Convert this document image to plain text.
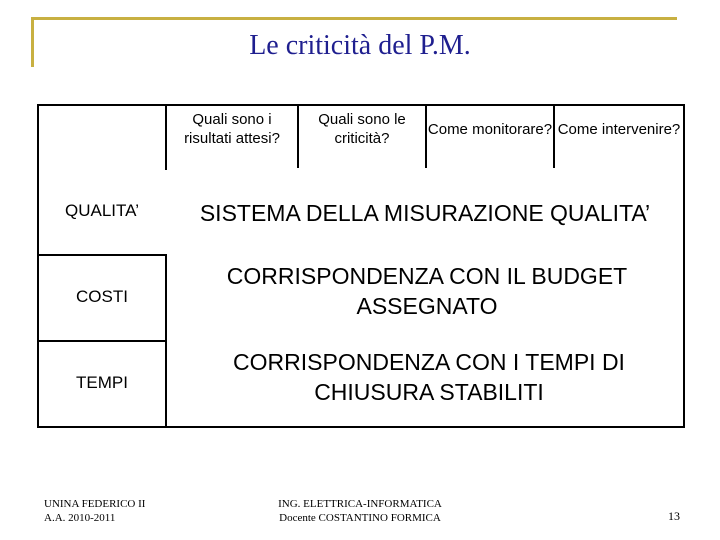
Le criticità del P.M.
Quali sono i risultati attesi?
Quali sono le criticità?
Come monitorare? Come intervenire?
QUALITA’
COSTI
TEMPI
SISTEMA DELLA MISURAZIONE QUALITA’
CORRISPONDENZA CON IL BUDGET ASSEGNATO
CORRISPONDENZA CON I TEMPI DI CHIUSURA STABILITI
UNINA FEDERICO II
A.A. 2010-2011
ING. ELETTRICA-INFORMATICA
Docente COSTANTINO FORMICA	13
